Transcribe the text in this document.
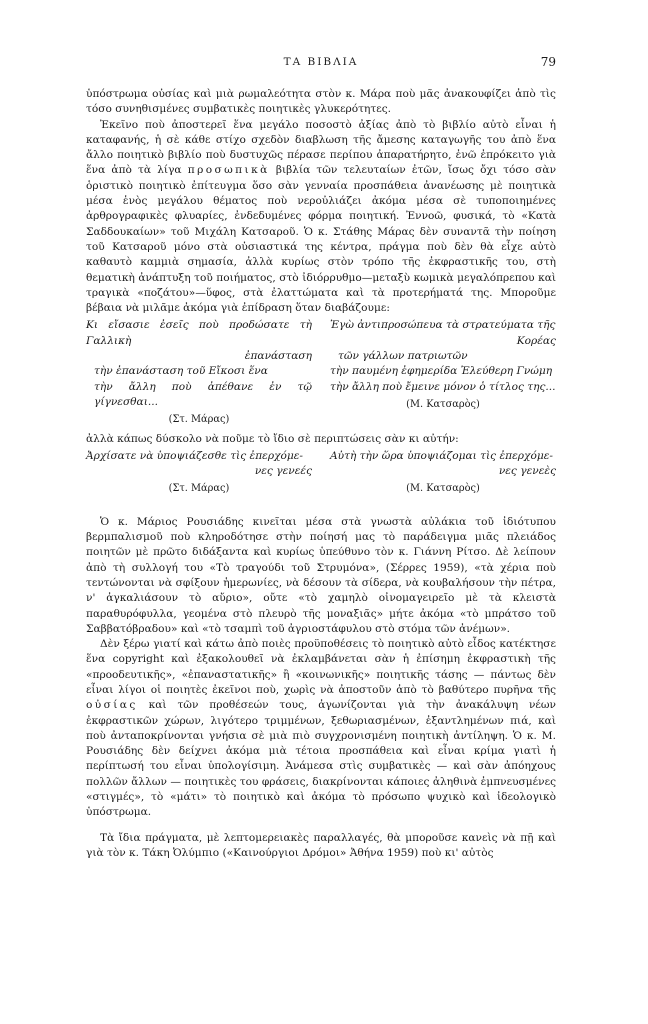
ΤΑ ΒΙΒΛΙΑ	79

ὑπόστρωμα οὐσίας καὶ μιὰ ρωμαλεότητα στὸν κ. Μάρα ποὺ μᾶς ἀνακουφίζει ἀπὸ τὶς τόσο συνηθισμένες συμβατικὲς ποιητικὲς γλυκερότητες.

Ἐκεῖνο ποὺ ἀποστερεῖ ἕνα μεγάλο ποσοστὸ ἀξίας ἀπὸ τὸ βιβλίο αὐτὸ εἶναι ἡ καταφανής, ἡ σὲ κάθε στίχο σχεδὸν διαβλωση τῆς ἄμεσης καταγωγῆς του ἀπὸ ἕνα ἄλλο ποιητικὸ βιβλίο ποὺ δυστυχῶς πέρασε περίπου ἀπαρατήρητο, ἐνῶ ἐπρόκειτο γιὰ ἕνα ἀπὸ τὰ λίγα προσωπικὰ βιβλία τῶν τελευταίων ἐτῶν, ἴσως ὄχι τόσο σὰν ὁριστικὸ ποιητικὸ ἐπίτευγμα ὅσο σὰν γενναία προσπάθεια ἀνανέωσης μὲ ποιητικὰ μέσα ἑνὸς μεγάλου θέματος ποὺ νεροὐλιάζει ἀκόμα μέσα σὲ τυποποιημένες ἀρθρογραφικὲς φλυαρίες, ἐνδεδυμένες φόρμα ποιητική. Ἐννοῶ, φυσικά, τὸ «Κατὰ Σαδδουκαίων» τοῦ Μιχάλη Κατσαροῦ. Ὁ κ. Στάθης Μάρας δὲν συναντᾶ τὴν ποίηση τοῦ Κατσαροῦ μόνο στὰ οὐσιαστικά της κέντρα, πράγμα ποὺ δὲν θὰ εἶχε αὐτὸ καθαυτὸ καμμιὰ σημασία, ἀλλὰ κυρίως στὸν τρόπο τῆς ἐκφραστικῆς του, στὴ θεματικὴ ἀνάπτυξη τοῦ ποιήματος, στὸ ἰδιόρρυθμο—μεταξὺ κωμικὰ μεγαλόπρεπου καὶ τραγικὰ «ποζάτου»—ὕφος, στὰ ἐλαττώματα καὶ τὰ προτερήματά της. Μποροῦμε βέβαια νὰ μιλᾶμε ἀκόμα γιὰ ἐπίδραση ὅταν διαβάζουμε:

Κι εἴσασιε ἐσεῖς ποὺ προδώσατε τὴ Γαλλικὴ
ἐπανάσταση
τὴν ἐπανάσταση τοῦ Εἴκοσι ἕνα
τὴν ἄλλη ποὺ ἀπέθανε ἐν τῷ γίγνεσθαι...
(Στ. Μάρας)
Ἐγὼ ἀντιπροσώπευα τὰ στρατεύματα τῆς
Κορέας
τῶν γάλλων πατριωτῶν
τὴν παυμένη ἐφημερίδα Ἐλεύθερη Γνώμη
τὴν ἄλλη ποὺ ἔμεινε μόνον ὁ τίτλος της...
(Μ. Κατσαρὸς)

ἀλλὰ κάπως δύσκολο νὰ ποῦμε τὸ ἴδιο σὲ περιπτώσεις σὰν κι αὐτήν:

Ἀρχίσατε νὰ ὑποψιάζεσθε τὶς ἐπερχόμε-
νες γενεές
(Στ. Μάρας)
Αὐτὴ τὴν ὥρα ὑποψιάζομαι τὶς ἐπερχόμε-
νες γενεὲς
(Μ. Κατσαρὸς)

Ὁ κ. Μάριος Ρουσιάδης κινεῖται μέσα στὰ γνωστὰ αὐλάκια τοῦ ἰδιότυπου βερμπαλισμοῦ ποὺ κληροδότησε στὴν ποίησή μας τὸ παράδειγμα μιᾶς πλειάδος ποιητῶν μὲ πρῶτο διδάξαντα καὶ κυρίως ὑπεύθυνο τὸν κ. Γιάννη Ρίτσο. Δὲ λείπουν ἀπὸ τὴ συλλογή του «Τὸ τραγούδι τοῦ Στρυμόνα», (Σέρρες 1959), «τὰ χέρια ποὺ τεντώνονται νὰ σφίξουν ἡμερωνίες, νὰ δέσουν τὰ σίδερα, νὰ κουβαλήσουν τὴν πέτρα, ν' ἀγκαλιάσουν τὸ αὔριο», οὔτε «τὸ χαμηλὸ οἰνομαγειρεῖο μὲ τὰ κλειστὰ παραθυρόφυλλα, γεομένα στὸ πλευρὸ τῆς μοναξιᾶς» μήτε ἀκόμα «τὸ μπράτσο τοῦ Σαββατόβραδου» καὶ «τὸ τσαμπὶ τοῦ ἀγριοστάφυλου στὸ στόμα τῶν ἀνέμων».

Δὲν ξέρω γιατί καὶ κάτω ἀπὸ ποιὲς προϋποθέσεις τὸ ποιητικὸ αὐτὸ εἶδος κατέκτησε ἕνα copyright καὶ ἐξακολουθεῖ νὰ ἐκλαμβάνεται σὰν ἡ ἐπίσημη ἐκφραστικὴ τῆς «προοδευτικῆς», «ἐπαναστατικῆς» ἢ «κοινωνικῆς» ποιητικῆς τάσης — πάντως δὲν εἶναι λίγοι οἱ ποιητὲς ἐκεῖνοι ποὺ, χωρὶς νὰ ἀποστοῦν ἀπὸ τὸ βαθύτερο πυρῆνα τῆς οὐσίας καὶ τῶν προθέσεών τους, ἀγωνίζονται γιὰ τὴν ἀνακάλυψη νέων ἐκφραστικῶν χώρων, λιγότερο τριμμένων, ξεθωριασμένων, ἐξαντλημένων πιά, καὶ ποὺ ἀνταποκρίνονται γνήσια σὲ μιὰ πιὸ συγχρονισμένη ποιητικὴ ἀντίληψη. Ὁ κ. Μ. Ρουσιάδης δὲν δείχνει ἀκόμα μιὰ τέτοια προσπάθεια καὶ εἶναι κρίμα γιατὶ ἡ περίπτωσή του εἶναι ὑπολογίσιμη. Ἀνάμεσα στὶς συμβατικὲς — καὶ σὰν ἀπόηχους πολλῶν ἄλλων — ποιητικὲς του φράσεις, διακρίνονται κάποιες ἀληθινὰ ἐμπνευσμένες «στιγμές», τὸ «μάτι» τὸ ποιητικὸ καὶ ἀκόμα τὸ πρόσωπο ψυχικὸ καὶ ἰδεολογικὸ ὑπόστρωμα.

Τὰ ἴδια πράγματα, μὲ λεπτομερειακὲς παραλλαγές, θὰ μποροῦσε κανεὶς νὰ πῇ καὶ γιὰ τὸν κ. Τάκη Ὀλύμπιο («Καινούργιοι Δρόμοι» Ἀθήνα 1959) ποὺ κι' αὐτὸς
